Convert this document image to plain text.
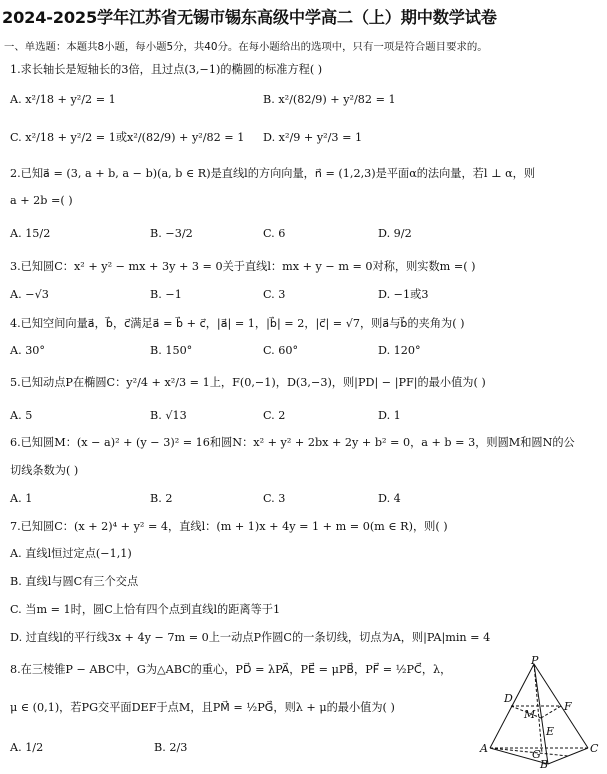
2024-2025学年江苏省无锡市锡东高级中学高二（上）期中数学试卷
一、单选题：本题共8小题，每小题5分，共40分。在每小题给出的选项中，只有一项是符合题目要求的。
1.求长轴长是短轴长的3倍，且过点(3,−1)的椭圆的标准方程( )
A. x²/18 + y²/2 = 1	B. x²/(82/9) + y²/82 = 1
C. x²/18 + y²/2 = 1或x²/(82/9) + y²/82 = 1 D. x²/9 + y²/3 = 1
2.已知a⃗ = (3, a + b, a − b)(a, b ∈ R)是直线l的方向向量，n⃗ = (1,2,3)是平面α的法向量，若l ⊥ α，则
a + 2b =( )
A. 15/2	B. −3/2	C. 6	D. 9/2
3.已知圆C：x² + y² − mx + 3y + 3 = 0关于直线l：mx + y − m = 0对称，则实数m =( )
A. −√3	B. −1	C. 3	D. −1或3
4.已知空间向量a⃗，b⃗，c⃗满足a⃗ = b⃗ + c⃗，|a⃗| = 1，|b⃗| = 2，|c⃗| = √7，则a⃗与b⃗的夹角为( )
A. 30°	B. 150°	C. 60°	D. 120°
5.已知动点P在椭圆C：y²/4 + x²/3 = 1上，F(0,−1)，D(3,−3)，则|PD| − |PF|的最小值为( )
A. 5	B. √13	C. 2	D. 1
6.已知圆M：(x − a)² + (y − 3)² = 16和圆N：x² + y² + 2bx + 2y + b² = 0，a + b = 3，则圆M和圆N的公
切线条数为( )
A. 1	B. 2	C. 3	D. 4
7.已知圆C：(x + 2)⁴ + y² = 4，直线l：(m + 1)x + 4y = 1 + m = 0(m ∈ R)，则( )
A. 直线l恒过定点(−1,1)
B. 直线l与圆C有三个交点
C. 当m = 1时，圆C上恰有四个点到直线l的距离等于1
D. 过直线l的平行线3x + 4y − 7m = 0上一动点P作圆C的一条切线，切点为A，则|PA|min = 4
8.在三棱锥P − ABC中，G为△ABC的重心，PD⃗ = λPA⃗，PE⃗ = μPB⃗，PF⃗ = ½PC⃗，λ，
μ ∈ (0,1)，若PG交平面DEF于点M，且PM⃗ = ½PG⃗，则λ + μ的最小值为( )
A. 1/2	B. 2/3
P
D
F
M
E
A	G	C
B
